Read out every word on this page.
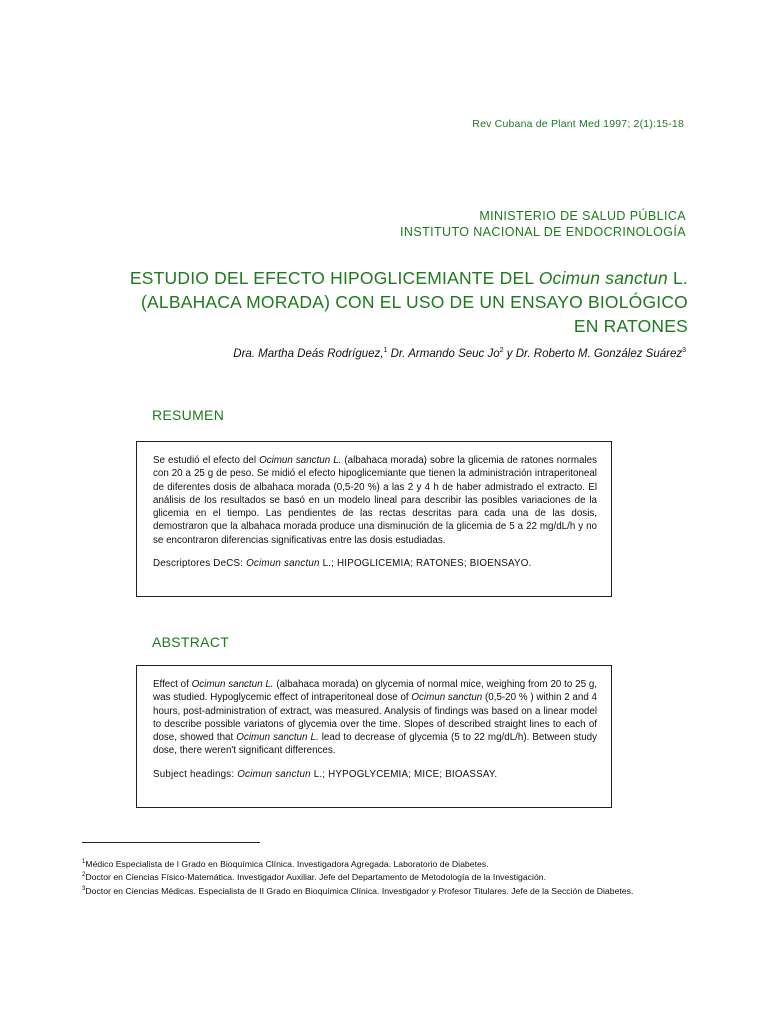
Rev Cubana de Plant Med 1997; 2(1):15-18
MINISTERIO DE SALUD PÚBLICA
INSTITUTO NACIONAL DE ENDOCRINOLOGÍA
ESTUDIO DEL EFECTO HIPOGLICEMIANTE DEL Ocimun sanctun L.
(ALBAHACA MORADA) CON EL USO DE UN ENSAYO BIOLÓGICO
EN RATONES
Dra. Martha Deás Rodríguez,$^1$ Dr. Armando Seuc Jo$^2$ y Dr. Roberto M. González Suárez$^3$
RESUMEN

Se estudió el efecto del Ocimun sanctun L. (albahaca morada) sobre la glicemia de ratones normales con 20 a 25 g de peso. Se midió el efecto hipoglicemiante que tienen la administración intraperitoneal de diferentes dosis de albahaca morada (0,5-20 %) a las 2 y 4 h de haber admistrado el extracto. El análisis de los resultados se basó en un modelo lineal para describir las posibles variaciones de la glicemia en el tiempo. Las pendientes de las rectas descritas para cada una de las dosis, demostraron que la albahaca morada produce una disminución de la glicemia de 5 a 22 mg/dL/h y no se encontraron diferencias significativas entre las dosis estudiadas.

Descriptores DeCS: Ocimun sanctun L.; HIPOGLICEMIA; RATONES; BIOENSAYO.

ABSTRACT

Effect of Ocimun sanctun L. (albahaca morada) on glycemia of normal mice, weighing from 20 to 25 g, was studied. Hypoglycemic effect of intraperitoneal dose of Ocimun sanctun (0,5-20 % ) within 2 and 4 hours, post-administration of extract, was measured. Analysis of findings was based on a linear model to describe possible variatons of glycemia over the time. Slopes of described straight lines to each of dose, showed that Ocimun sanctun L. lead to decrease of glycemia (5 to 22 mg/dL/h). Between study dose, there weren't significant differences.

Subject headings: Ocimun sanctun L.; HYPOGLYCEMIA; MICE; BIOASSAY.

$^1$Médico Especialista de I Grado en Bioquímica Clínica. Investigadora Agregada. Laboratorio de Diabetes.
$^2$Doctor en Ciencias Físico-Matemática. Investigador Auxiliar. Jefe del Departamento de Metodología de la Investigación.
$^3$Doctor en Ciencias Médicas. Especialista de II Grado en Bioquímica Clínica. Investigador y Profesor Titulares. Jefe de la Sección de Diabetes.
